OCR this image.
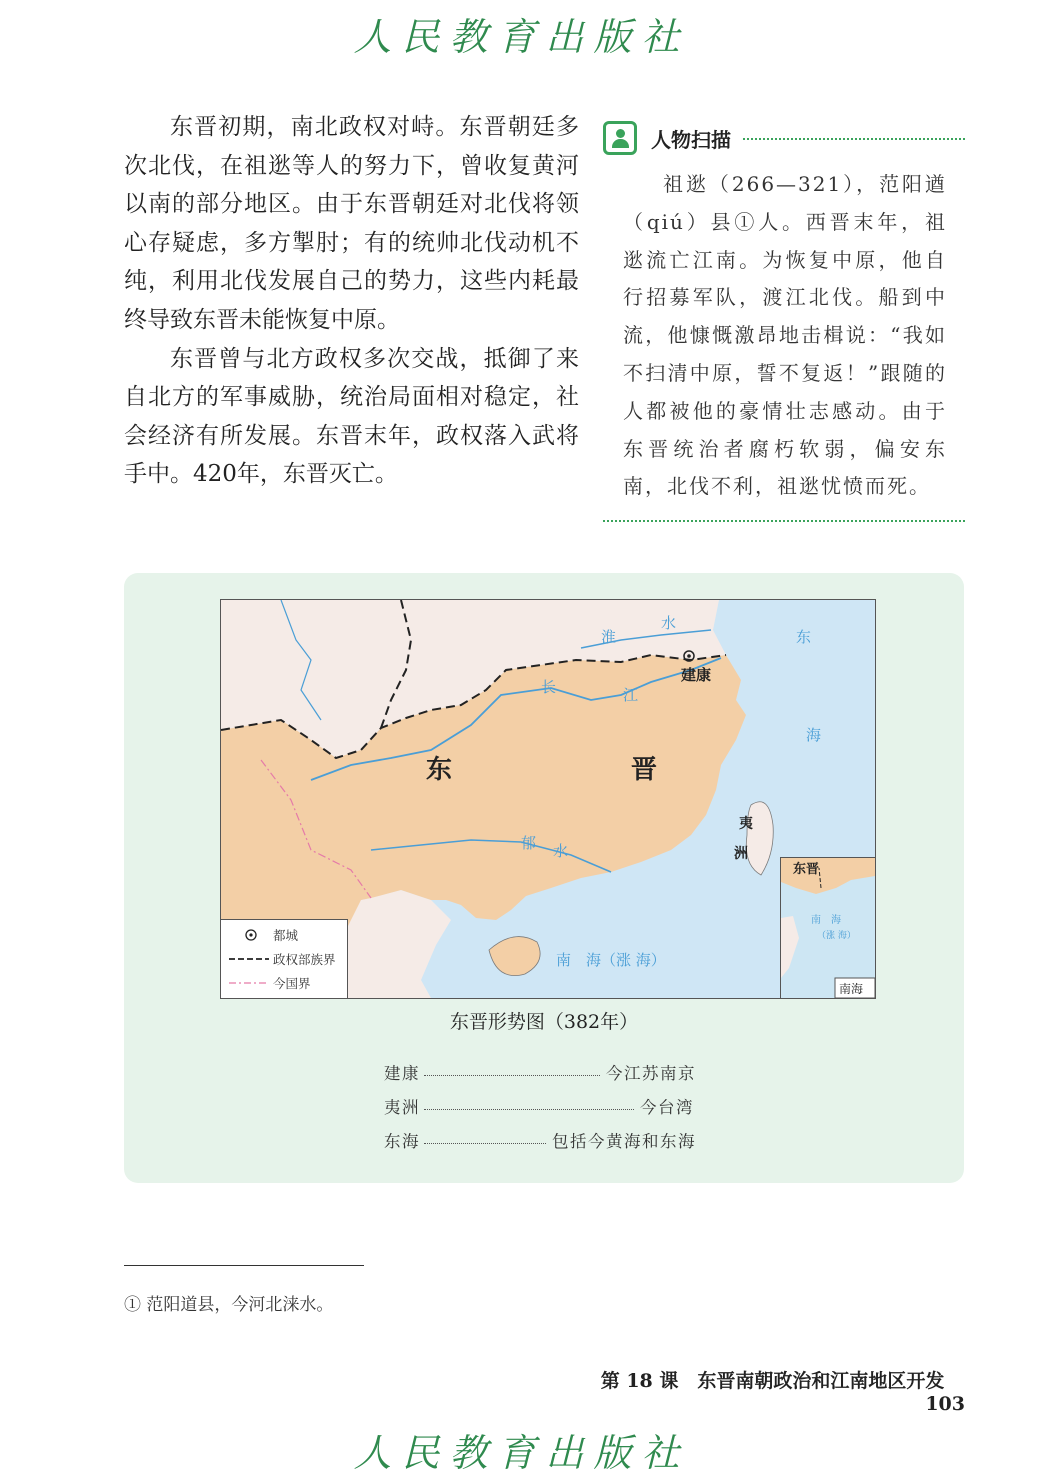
人民教育出版社

东晋初期，南北政权对峙。东晋朝廷多次北伐，在祖逖等人的努力下，曾收复黄河以南的部分地区。由于东晋朝廷对北伐将领心存疑虑，多方掣肘；有的统帅北伐动机不纯，利用北伐发展自己的势力，这些内耗最终导致东晋未能恢复中原。

东晋曾与北方政权多次交战，抵御了来自北方的军事威胁，统治局面相对稳定，社会经济有所发展。东晋末年，政权落入武将手中。420年，东晋灭亡。

人物扫描

祖逖（266—321），范阳遒（qiú）县①人。西晋末年，祖逖流亡江南。为恢复中原，他自行招募军队，渡江北伐。船到中流，他慷慨激昂地击楫说：“我如不扫清中原，誓不复返！”跟随的人都被他的豪情壮志感动。由于东晋统治者腐朽软弱，偏安东南，北伐不利，祖逖忧愤而死。

淮
水
长	江
郁 水
东
海
南　海（涨 海）
东	晋
建康
夷
洲
都城
政权部族界
今国界
东晋
南　海
（涨 海）
南海
东晋形势图（382年）
建康	今江苏南京
夷洲	今台湾
东海	包括今黄海和东海
① 范阳道县，今河北涞水。
第 18 课　东晋南朝政治和江南地区开发  103
人民教育出版社
